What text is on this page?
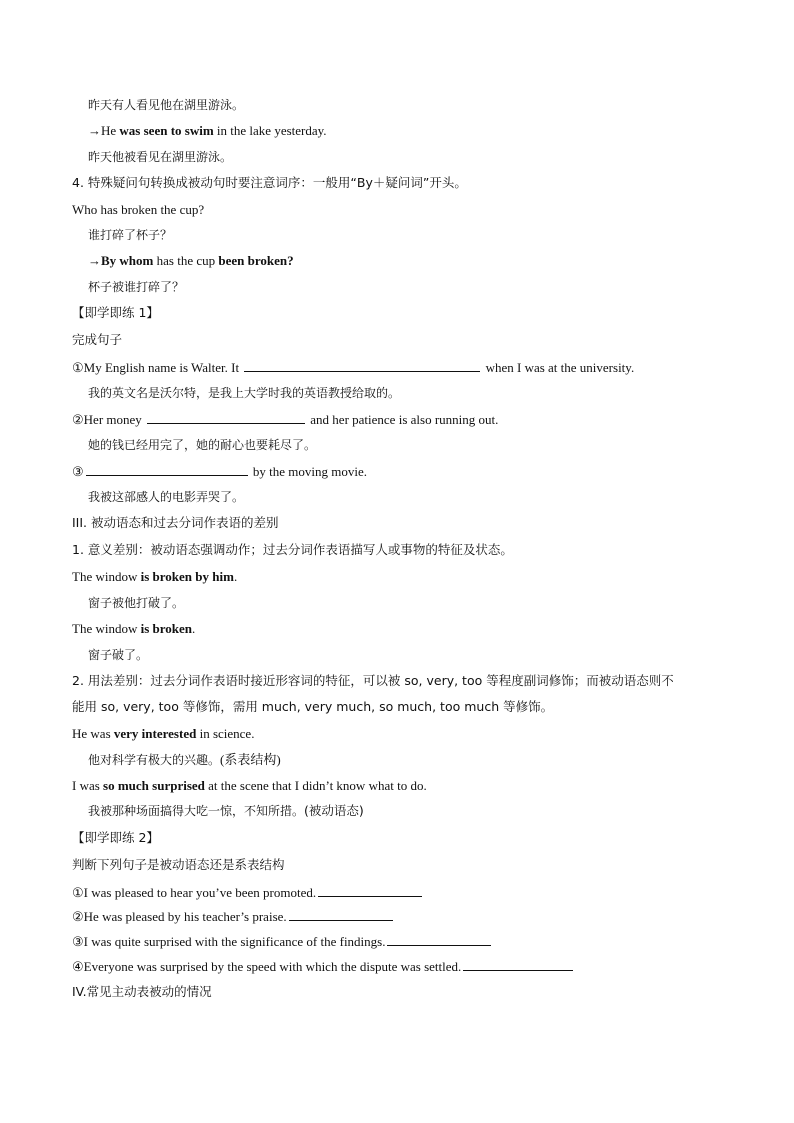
昨天有人看见他在湖里游泳。
→He was seen to swim in the lake yesterday.
昨天他被看见在湖里游泳。
4. 特殊疑问句转换成被动句时要注意词序：一般用“By＋疑问词”开头。
Who has broken the cup?
谁打碎了杯子？
→By whom has the cup been broken?
杯子被谁打碎了？
【即学即练 1】
完成句子
①My English name is Walter. It	when I was at the university.
我的英文名是沃尔特，是我上大学时我的英语教授给取的。
②Her money	and her patience is also running out.
她的钱已经用完了，她的耐心也要耗尽了。
③	by the moving movie.
我被这部感人的电影弄哭了。
III. 被动语态和过去分词作表语的差别
1. 意义差别：被动语态强调动作；过去分词作表语描写人或事物的特征及状态。
The window is broken by him.
窗子被他打破了。
The window is broken.
窗子破了。
2. 用法差别：过去分词作表语时接近形容词的特征，可以被 so, very, too 等程度副词修饰；而被动语态则不
能用 so, very, too 等修饰，需用 much, very much, so much, too much 等修饰。
He was very interested in science.
他对科学有极大的兴趣。(系表结构)
I was so much surprised at the scene that I didn’t know what to do.
我被那种场面搞得大吃一惊，不知所措。(被动语态)
【即学即练 2】
判断下列句子是被动语态还是系表结构
①I was pleased to hear you’ve been promoted.
②He was pleased by his teacher’s praise.
③I was quite surprised with the significance of the findings.
④Everyone was surprised by the speed with which the dispute was settled.
IV.常见主动表被动的情况
